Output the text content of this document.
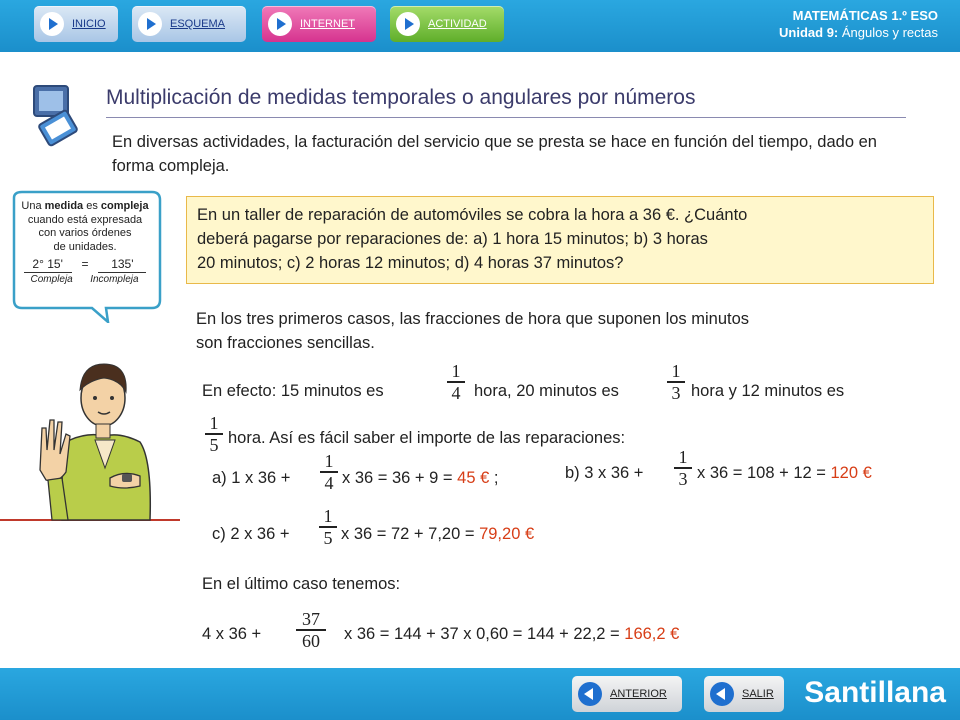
INICIO	ESQUEMA	INTERNET	ACTIVIDAD
MATEMÁTICAS 1.º ESO
Unidad 9: Ángulos y rectas
Multiplicación de medidas temporales o angulares por números
En diversas actividades, la facturación del servicio que se presta se hace en función del tiempo, dado en forma compleja.
Una medida es compleja
cuando está expresada
con varios órdenes
de unidades.
2° 15' = 135'
Compleja Incompleja
En un taller de reparación de automóviles se cobra la hora a 36 €. ¿Cuánto
deberá pagarse por reparaciones de: a) 1 hora 15 minutos; b) 3 horas
20 minutos; c) 2 horas 12 minutos; d) 4 horas 37 minutos?
En los tres primeros casos, las fracciones de hora que suponen los minutos
son fracciones sencillas.
En efecto: 15 minutos es
1
4 hora, 20 minutos es
1
3 hora y 12 minutos es
1
5 hora. Así es fácil saber el importe de las reparaciones:
a) 1 x 36 +
1
4 x 36 = 36 + 9 = 45 € ;	b) 3 x 36 +
1
3 x 36 = 108 + 12 = 120 €
c) 2 x 36 +
1
5 x 36 = 72 + 7,20 = 79,20 €
En el último caso tenemos:
4 x 36 +
37
60	x 36 = 144 + 37 x 0,60 = 144 + 22,2 = 166,2 €
ANTERIOR	SALIR Santillana
